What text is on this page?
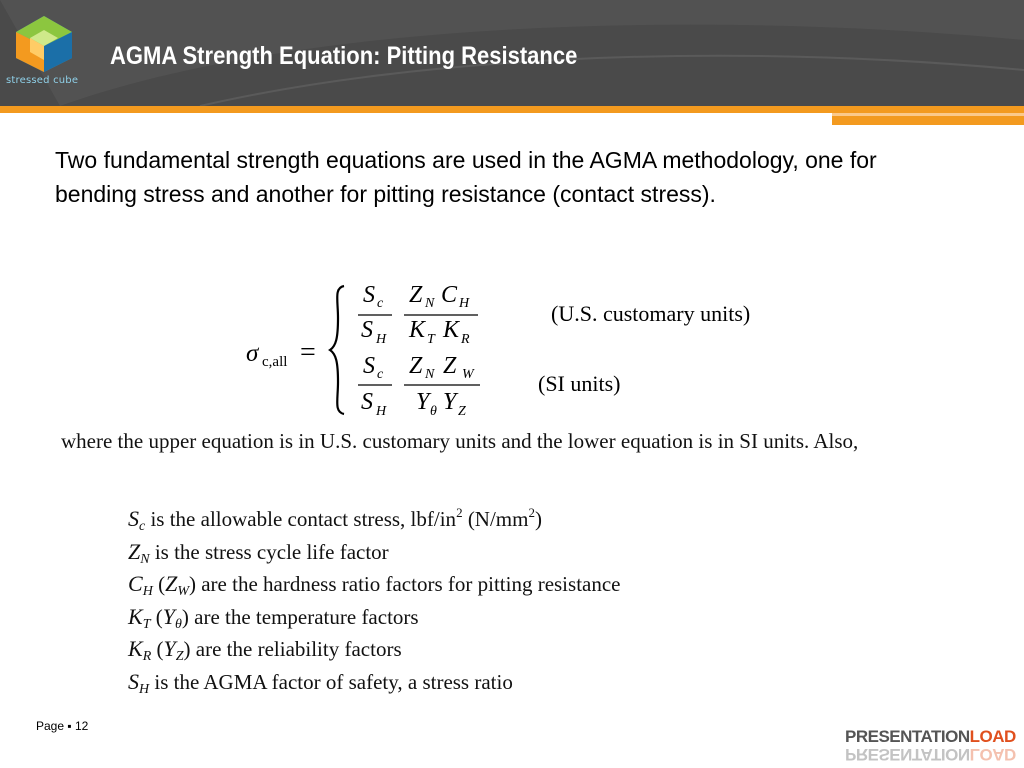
stressed cube
AGMA Strength Equation: Pitting Resistance
Two fundamental strength equations are used in the AGMA methodology, one for bending stress and another for pitting resistance (contact stress).
σ c,all =
S c
S H
Z N C H
K T K R
(U.S. customary units)
S c
S H
Z N Z W
Y θ Y Z
(SI units)
where the upper equation is in U.S. customary units and the lower equation is in SI units. Also,
$S_c$ is the allowable contact stress, lbf/$in^2$ $(N/mm^2)$
$Z_N$ is the stress cycle life factor
$C_H$ $(Z_W)$ are the hardness ratio factors for pitting resistance
$K_T$ $(Y_\theta)$ are the temperature factors
$K_R$ $(Y_Z)$ are the reliability factors
$S_H$ is the AGMA factor of safety, a stress ratio
Page ▪ 12
PRESENTATIONLOAD
PRESENTATIONLOAD
